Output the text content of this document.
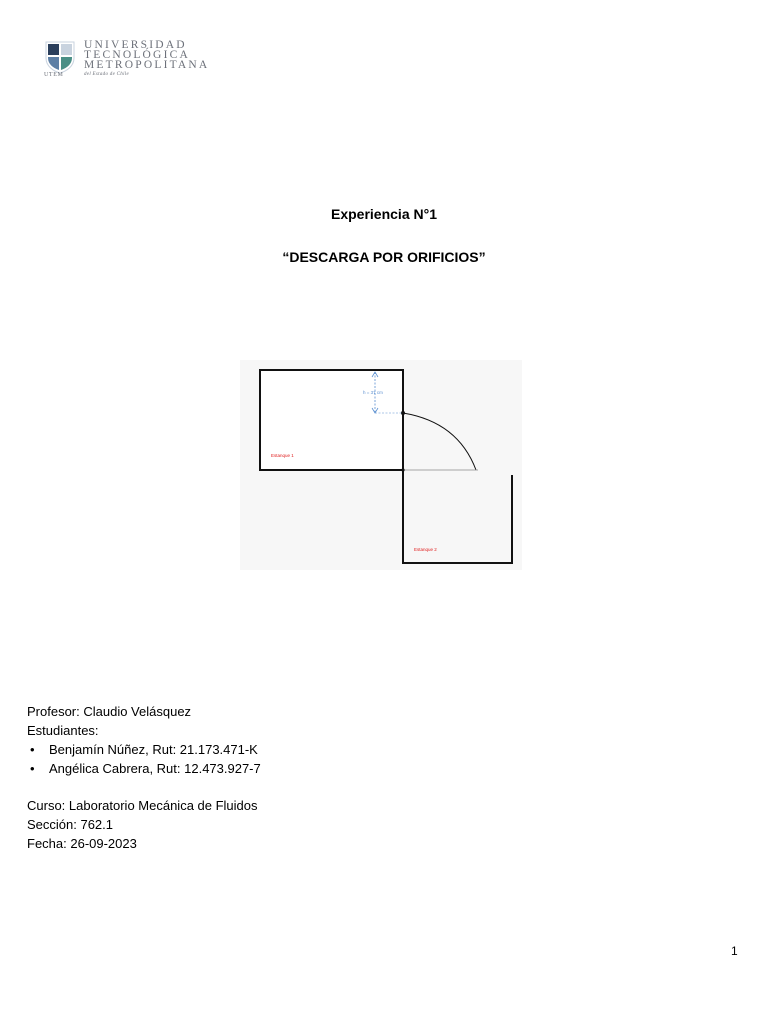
UNIVERSIDAD
TECNOLÓGICA
METROPOLITANA
del Estado de Chile
UTEM
Experiencia N°1
“DESCARGA POR ORIFICIOS”
h = 37 cm
Estanque 1
Estanque 2

Profesor: Claudio Velásquez

Estudiantes:

• Benjamín Núñez, Rut: 21.173.471-K
• Angélica Cabrera, Rut: 12.473.927-7

Curso: Laboratorio Mecánica de Fluidos

Sección: 762.1

Fecha: 26-09-2023

1
